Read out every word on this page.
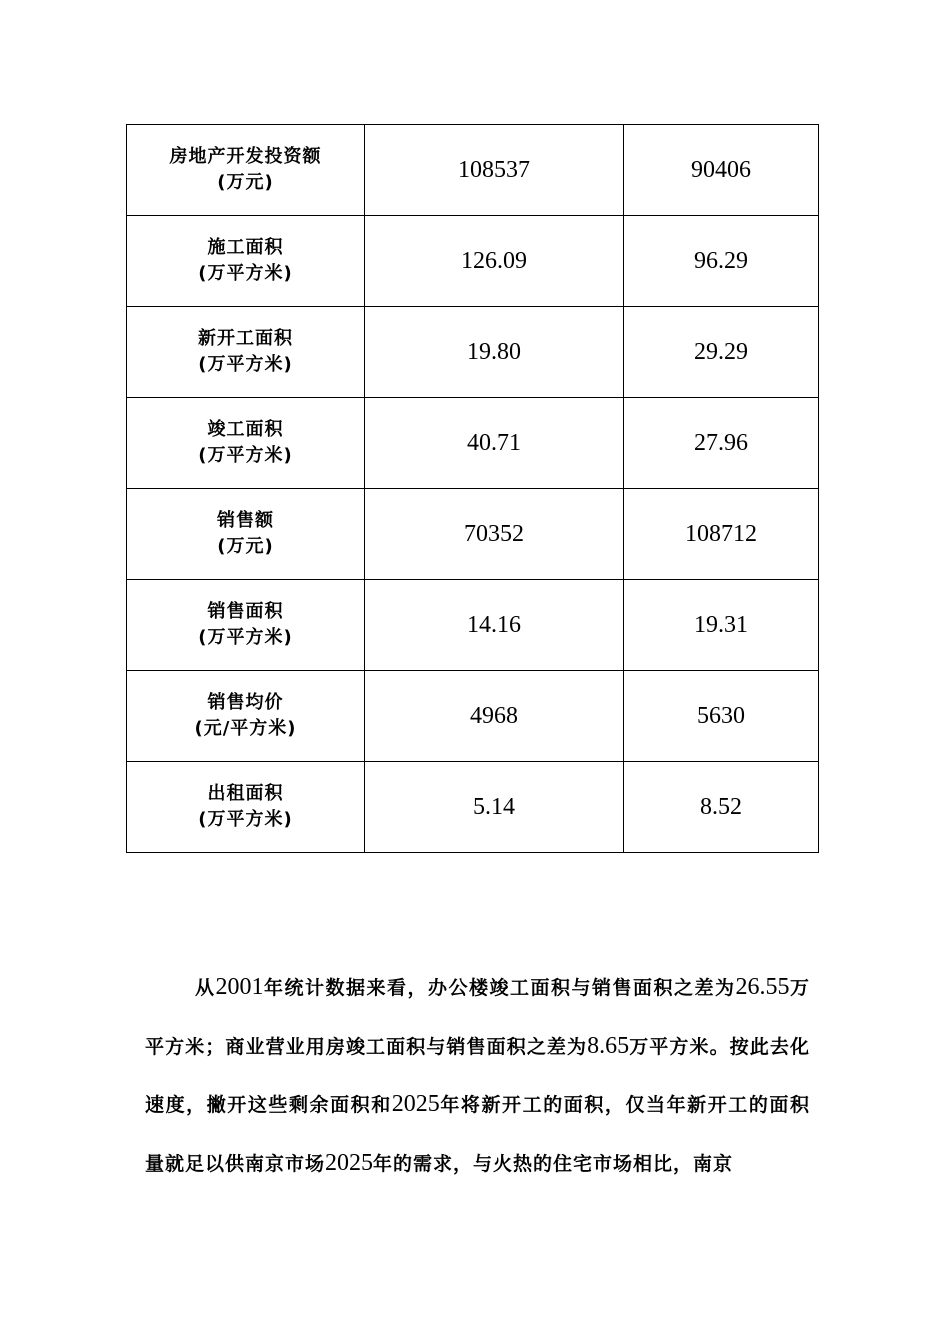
房地产开发投资额
(万元)	108537	90406

施工面积
(万平方米)	126.09	96.29

新开工面积
(万平方米)	19.80	29.29

竣工面积
(万平方米)	40.71	27.96

销售额
(万元)	70352	108712

销售面积
(万平方米)	14.16	19.31

销售均价
(元/平方米)	4968	5630

出租面积
(万平方米)	5.14	8.52

从2001年统计数据来看，办公楼竣工面积与销售面积之差为26.55万平方米；商业营业用房竣工面积与销售面积之差为8.65万平方米。按此去化速度，撇开这些剩余面积和2025年将新开工的面积，仅当年新开工的面积量就足以供南京市场2025年的需求，与火热的住宅市场相比，南京
